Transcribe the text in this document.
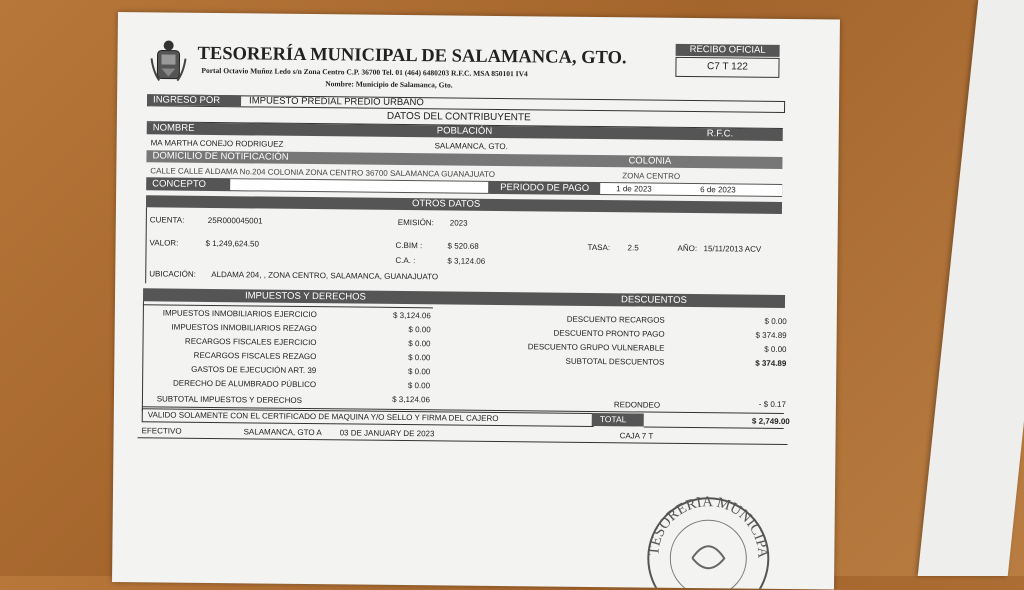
TESORERÍA MUNICIPAL DE SALAMANCA, GTO.
Portal Octavio Muñoz Ledo s/n Zona Centro C.P. 36700 Tel. 01 (464) 6480203 R.F.C. MSA 850101 IV4
Nombre: Municipio de Salamanca, Gto.
RECIBO OFICIAL
C7 T 122
INGRESO POR	IMPUESTO PREDIAL PREDIO URBANO
DATOS DEL CONTRIBUYENTE
NOMBRE	POBLACIÓN	R.F.C.
MA MARTHA CONEJO RODRIGUEZ	SALAMANCA, GTO.
DOMICILIO DE NOTIFICACIÓN	COLONIA
CALLE CALLE ALDAMA No.204 COLONIA ZONA CENTRO 36700 SALAMANCA GUANAJUATO	ZONA CENTRO
CONCEPTO	PERIODO DE PAGO	1 de 2023	6 de 2023
OTROS DATOS
CUENTA:	25R000045001	EMISIÓN: 2023
VALOR:	$ 1,249,624.50	C.BIM :	$ 520.68	TASA: 2.5	AÑO: 15/11/2013 ACV
C.A. :	$ 3,124.06
UBICACIÓN: ALDAMA 204, , ZONA CENTRO, SALAMANCA, GUANAJUATO
IMPUESTOS Y DERECHOS	DESCUENTOS
IMPUESTOS INMOBILIARIOS EJERCICIO	$ 3,124.06
IMPUESTOS INMOBILIARIOS REZAGO	$ 0.00
RECARGOS FISCALES EJERCICIO	$ 0.00
RECARGOS FISCALES REZAGO	$ 0.00
GASTOS DE EJECUCIÓN ART. 39	$ 0.00
DERECHO DE ALUMBRADO PÚBLICO	$ 0.00
SUBTOTAL IMPUESTOS Y DERECHOS	$ 3,124.06
DESCUENTO RECARGOS	$ 0.00
DESCUENTO PRONTO PAGO	$ 374.89
DESCUENTO GRUPO VULNERABLE	$ 0.00
SUBTOTAL DESCUENTOS	$ 374.89
REDONDEO	- $ 0.17
VALIDO SOLAMENTE CON EL CERTIFICADO DE MAQUINA Y/O SELLO Y FIRMA DEL CAJERO	TOTAL	$ 2,749.00
EFECTIVO	SALAMANCA, GTO A 03 DE JANUARY DE 2023	CAJA 7 T
TESORERIA MUNICIPAL
